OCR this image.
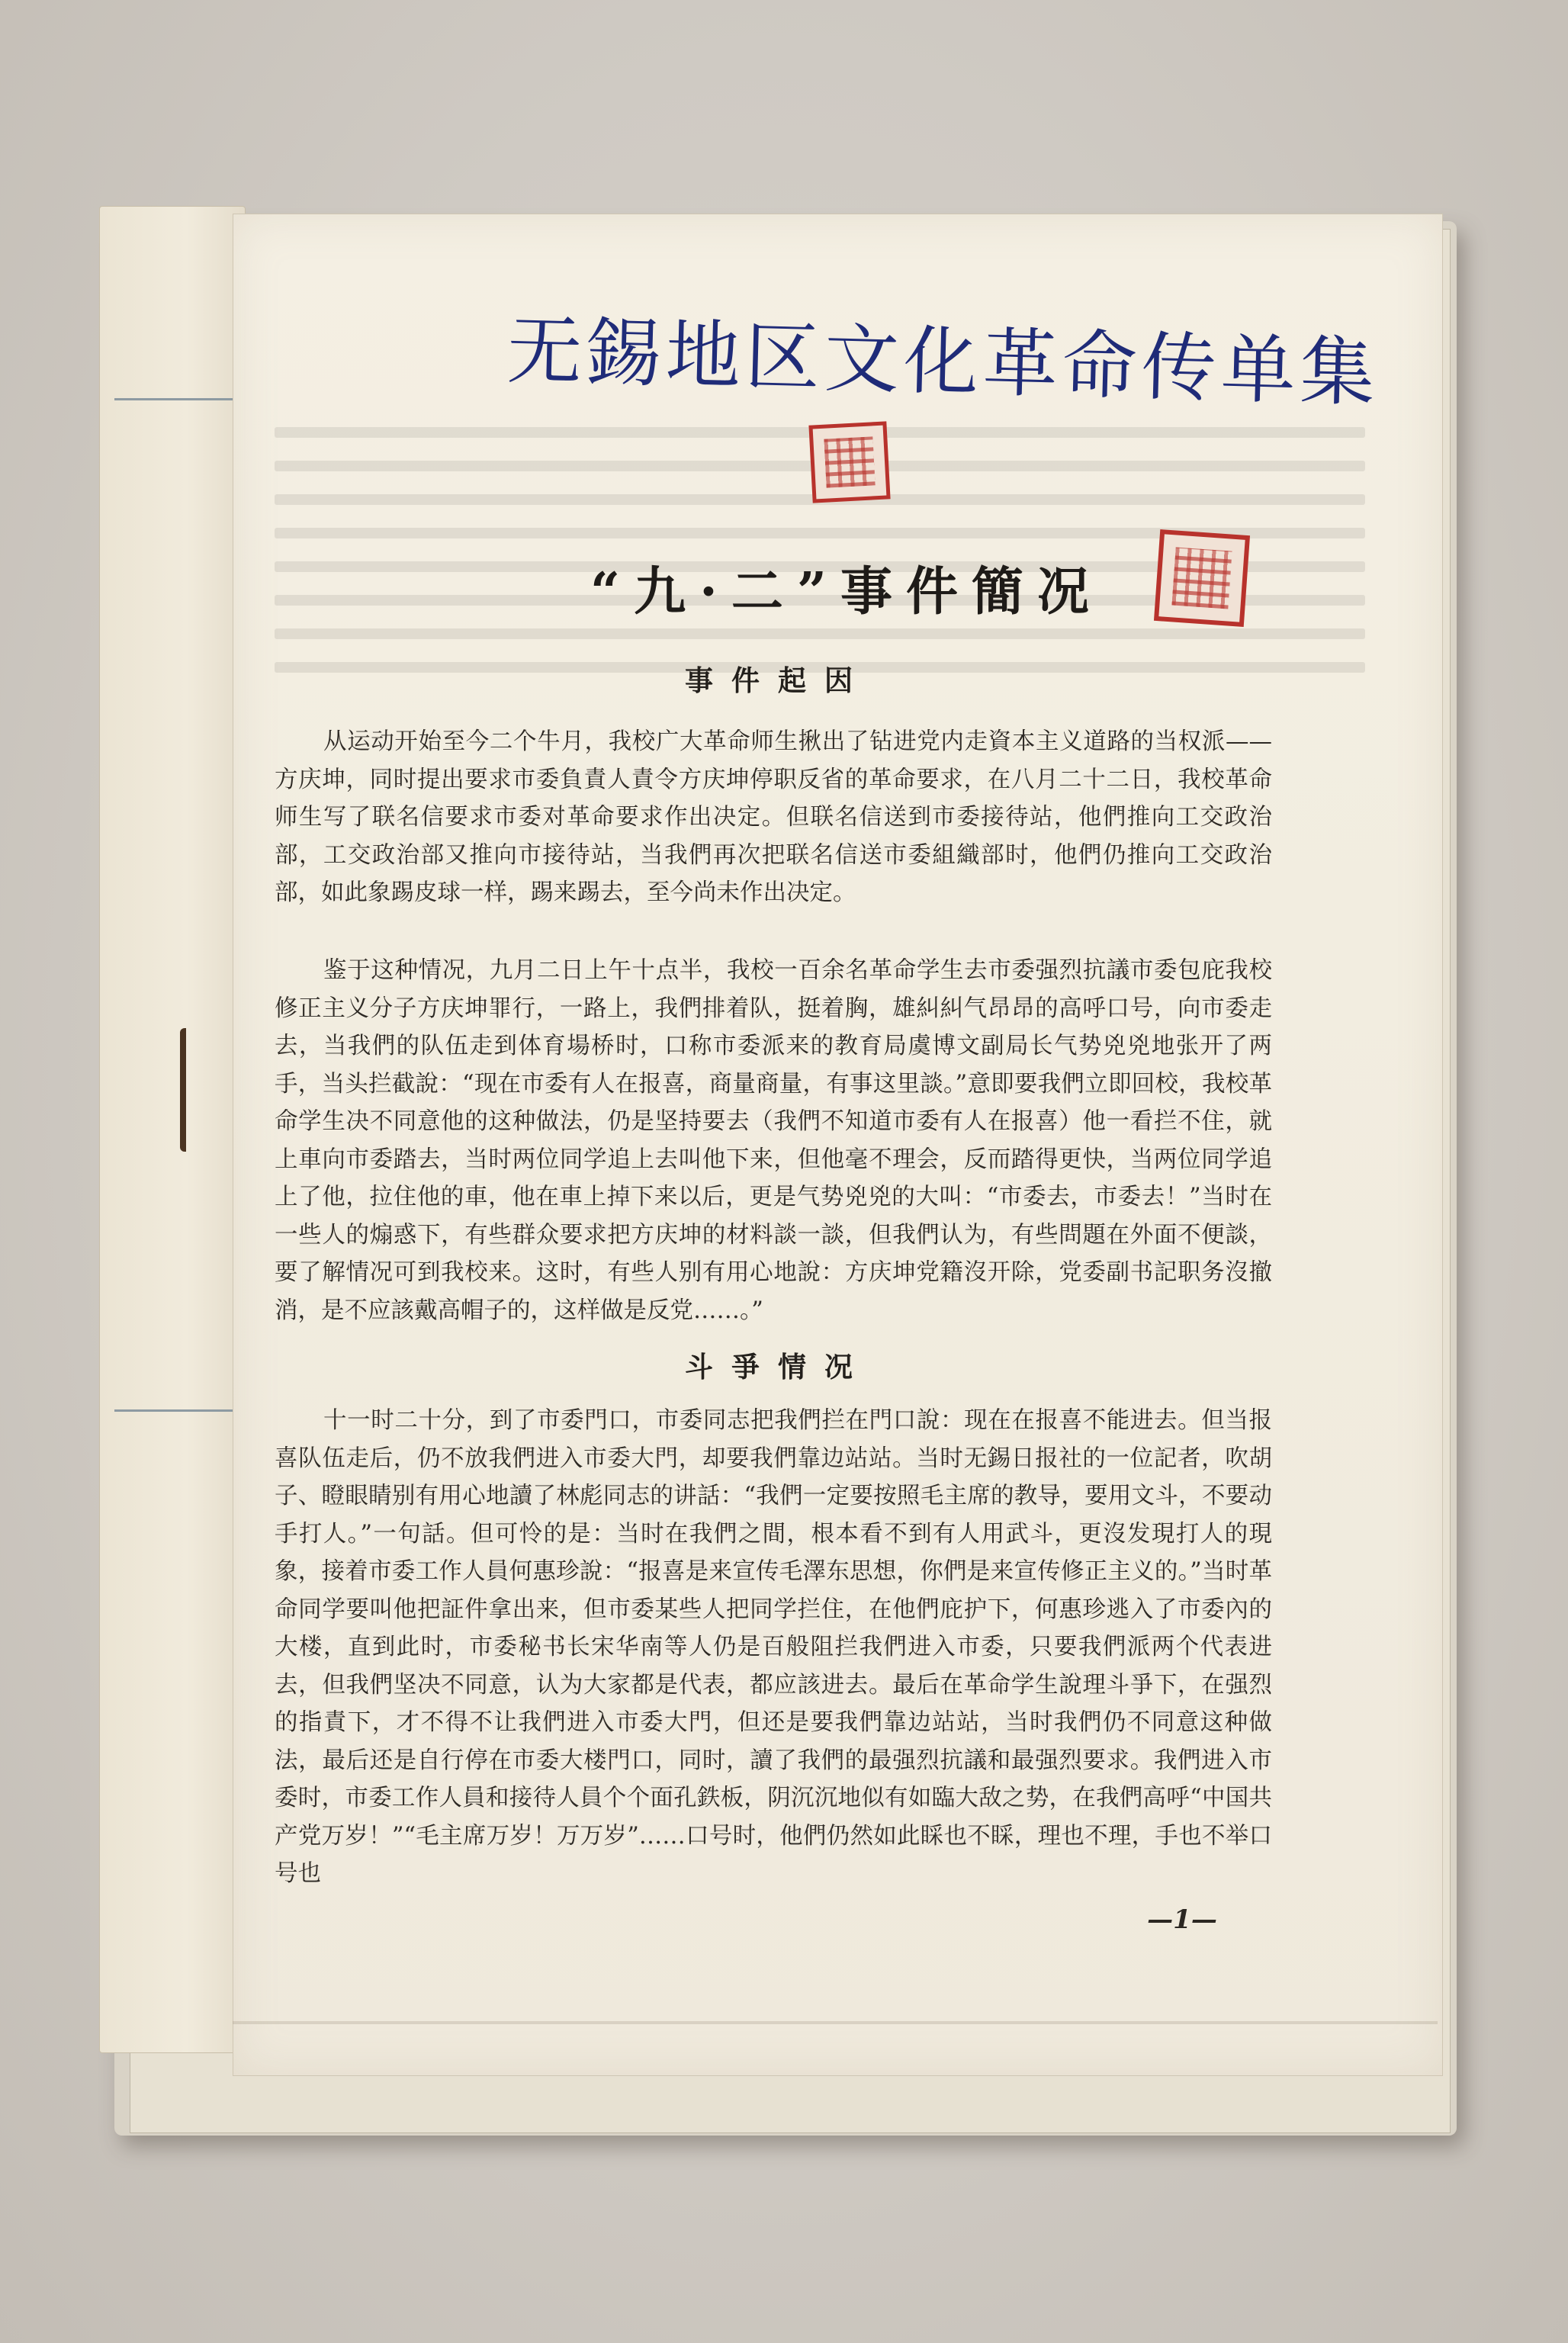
无錫地区文化革命传单集
“九·二”事件簡况
事件起因
从运动开始至今二个牛月，我校广大革命师生揪出了钻进党内走資本主义道路的当权派——方庆坤，同时提出要求市委負責人責令方庆坤停职反省的革命要求，在八月二十二日，我校革命师生写了联名信要求市委对革命要求作出决定。但联名信送到市委接待站，他們推向工交政治部，工交政治部又推向市接待站，当我們再次把联名信送市委組織部时，他們仍推向工交政治部，如此象踢皮球一样，踢来踢去，至今尚未作出决定。
鉴于这种情况，九月二日上午十点半，我校一百余名革命学生去市委强烈抗議市委包庇我校修正主义分子方庆坤罪行，一路上，我們排着队，挺着胸，雄糾糾气昂昂的高呼口号，向市委走去，当我們的队伍走到体育場桥时，口称市委派来的教育局虞博文副局长气势兇兇地张开了两手，当头拦截說：“现在市委有人在报喜，商量商量，有事这里談。”意即要我們立即回校，我校革命学生决不同意他的这种做法，仍是坚持要去（我們不知道市委有人在报喜）他一看拦不住，就上車向市委踏去，当时两位同学追上去叫他下来，但他毫不理会，反而踏得更快，当两位同学追上了他，拉住他的車，他在車上掉下来以后，更是气势兇兇的大叫：“市委去，市委去！”当时在一些人的煽惑下，有些群众要求把方庆坤的材料談一談，但我們认为，有些問題在外面不便談，要了解情况可到我校来。这时，有些人别有用心地說：方庆坤党籍沒开除，党委副书記职务沒撤消，是不应該戴高帽子的，这样做是反党……。”
斗爭情况
十一时二十分，到了市委門口，市委同志把我們拦在門口說：现在在报喜不能进去。但当报喜队伍走后，仍不放我們进入市委大門，却要我們靠边站站。当时无錫日报社的一位記者，吹胡子、瞪眼睛别有用心地讀了林彪同志的讲話：“我們一定要按照毛主席的教导，要用文斗，不要动手打人。”一句話。但可怜的是：当时在我們之間，根本看不到有人用武斗，更沒发現打人的現象，接着市委工作人員何惠珍說：“报喜是来宣传毛澤东思想，你們是来宣传修正主义的。”当时革命同学要叫他把証件拿出来，但市委某些人把同学拦住，在他們庇护下，何惠珍逃入了市委內的大楼，直到此时，市委秘书长宋华南等人仍是百般阻拦我們进入市委，只要我們派两个代表进去，但我們坚决不同意，认为大家都是代表，都应該进去。最后在革命学生說理斗爭下，在强烈的指責下，才不得不让我們进入市委大門，但还是要我們靠边站站，当时我們仍不同意这种做法，最后还是自行停在市委大楼門口，同时，讀了我們的最强烈抗議和最强烈要求。我們进入市委时，市委工作人員和接待人員个个面孔鉄板，阴沉沉地似有如臨大敌之势，在我們高呼“中国共产党万岁！”“毛主席万岁！万万岁”……口号时，他們仍然如此睬也不睬，理也不理，手也不举口号也
—1—
